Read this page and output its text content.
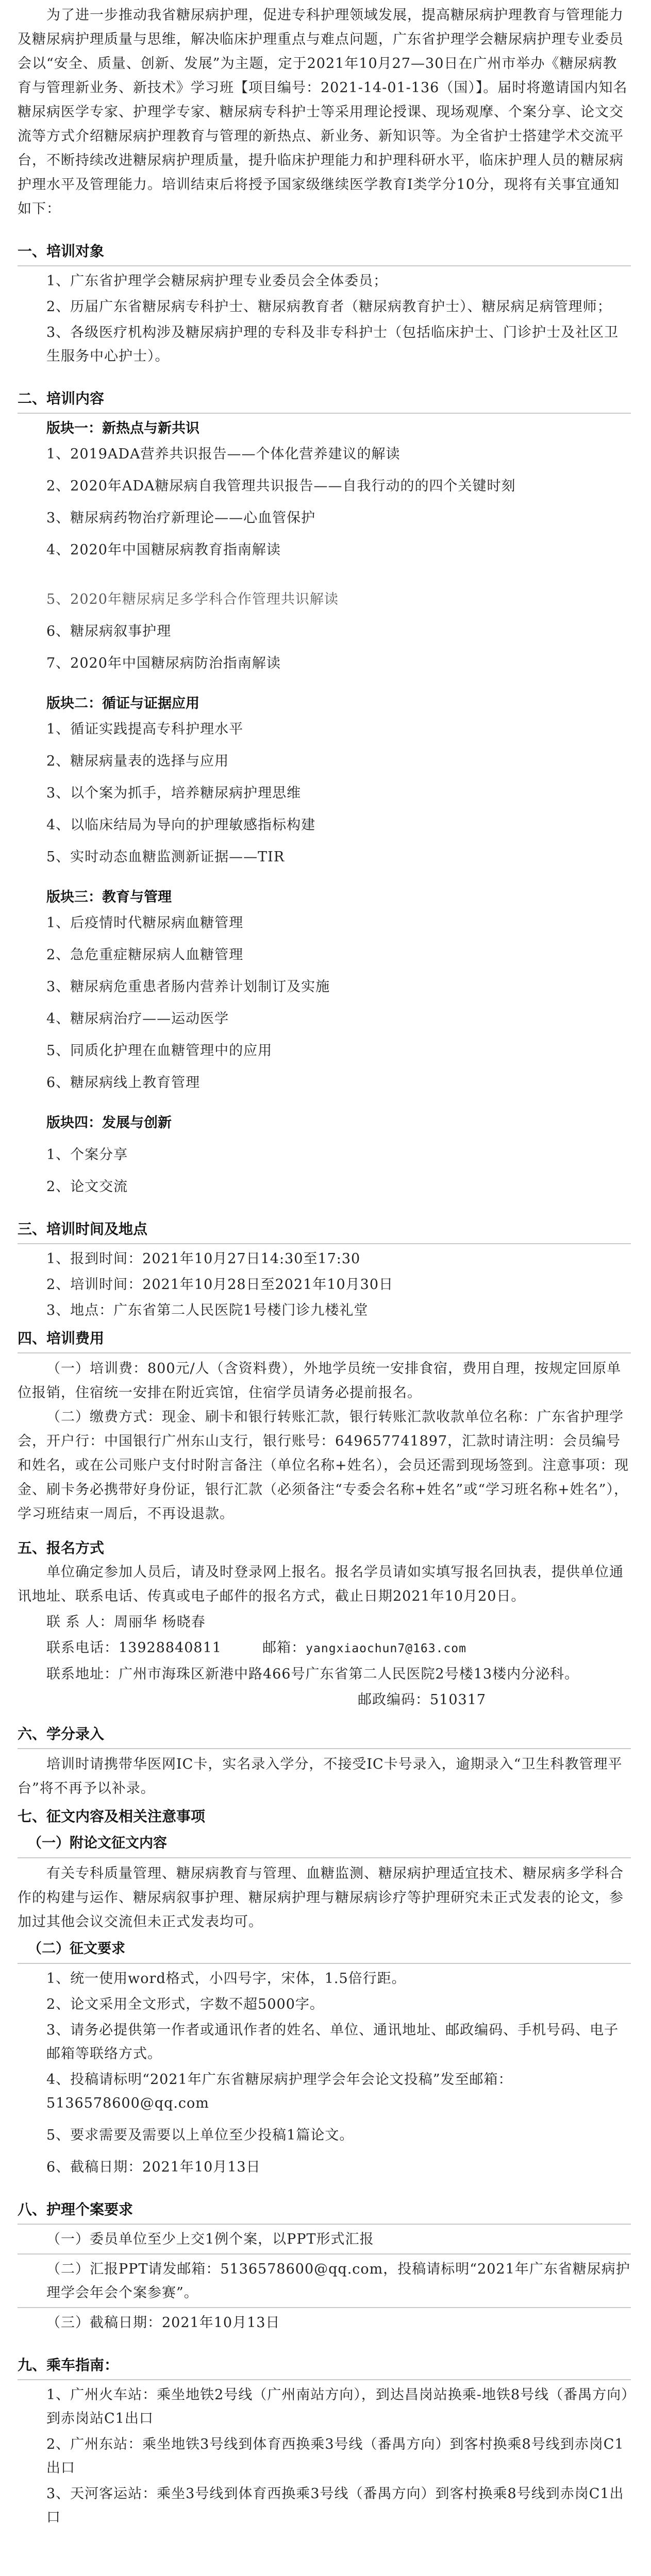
为了进一步推动我省糖尿病护理，促进专科护理领域发展，提高糖尿病护理教育与管理能力及糖尿病护理质量与思维，解决临床护理重点与难点问题，广东省护理学会糖尿病护理专业委员会以“安全、质量、创新、发展”为主题，定于2021年10月27—30日在广州市举办《糖尿病教育与管理新业务、新技术》学习班【项目编号：2021-14-01-136（国）】。届时将邀请国内知名糖尿病医学专家、护理学专家、糖尿病专科护士等采用理论授课、现场观摩、个案分享、论文交流等方式介绍糖尿病护理教育与管理的新热点、新业务、新知识等。为全省护士搭建学术交流平台，不断持续改进糖尿病护理质量，提升临床护理能力和护理科研水平，临床护理人员的糖尿病护理水平及管理能力。培训结束后将授予国家级继续医学教育Ⅰ类学分10分，现将有关事宜通知如下：

一、培训对象
1、广东省护理学会糖尿病护理专业委员会全体委员；
2、历届广东省糖尿病专科护士、糖尿病教育者（糖尿病教育护士）、糖尿病足病管理师；
3、各级医疗机构涉及糖尿病护理的专科及非专科护士（包括临床护士、门诊护士及社区卫生服务中心护士）。
二、培训内容
版块一：新热点与新共识
1、2019ADA营养共识报告——个体化营养建议的解读
2、2020年ADA糖尿病自我管理共识报告——自我行动的的四个关键时刻
3、糖尿病药物治疗新理论——心血管保护
4、2020年中国糖尿病教育指南解读
5、2020年糖尿病足多学科合作管理共识解读
6、糖尿病叙事护理
7、2020年中国糖尿病防治指南解读
版块二：循证与证据应用
1、循证实践提高专科护理水平
2、糖尿病量表的选择与应用
3、以个案为抓手，培养糖尿病护理思维
4、以临床结局为导向的护理敏感指标构建
5、实时动态血糖监测新证据——TIR
版块三：教育与管理
1、后疫情时代糖尿病血糖管理
2、急危重症糖尿病人血糖管理
3、糖尿病危重患者肠内营养计划制订及实施
4、糖尿病治疗——运动医学
5、同质化护理在血糖管理中的应用
6、糖尿病线上教育管理
版块四：发展与创新
1、个案分享
2、论文交流
三、培训时间及地点
1、报到时间：2021年10月27日14:30至17:30
2、培训时间：2021年10月28日至2021年10月30日
3、地点：广东省第二人民医院1号楼门诊九楼礼堂
四、培训费用

（一）培训费：800元/人（含资料费），外地学员统一安排食宿，费用自理，按规定回原单位报销，住宿统一安排在附近宾馆，住宿学员请务必提前报名。

（二）缴费方式：现金、刷卡和银行转账汇款，银行转账汇款收款单位名称：广东省护理学会，开户行：中国银行广州东山支行，银行账号：649657741897，汇款时请注明：会员编号和姓名，或在公司账户支付时附言备注（单位名称+姓名），会员还需到现场签到。注意事项：现金、刷卡务必携带好身份证，银行汇款（必须备注“专委会名称+姓名”或“学习班名称+姓名”），学习班结束一周后，不再设退款。

五、报名方式

单位确定参加人员后，请及时登录网上报名。报名学员请如实填写报名回执表，提供单位通讯地址、联系电话、传真或电子邮件的报名方式，截止日期2021年10月20日。

联 系 人：周丽华 杨晓春
联系电话：13928840811	邮箱：yangxiaochun7@163.com
联系地址：广州市海珠区新港中路466号广东省第二人民医院2号楼13楼内分泌科。
邮政编码：510317
六、学分录入

培训时请携带华医网IC卡，实名录入学分，不接受IC卡号录入，逾期录入“卫生科教管理平台”将不再予以补录。

七、征文内容及相关注意事项
（一）附论文征文内容

有关专科质量管理、糖尿病教育与管理、血糖监测、糖尿病护理适宜技术、糖尿病多学科合作的构建与运作、糖尿病叙事护理、糖尿病护理与糖尿病诊疗等护理研究未正式发表的论文，参加过其他会议交流但未正式发表均可。

（二）征文要求
1、统一使用word格式，小四号字，宋体，1.5倍行距。
2、论文采用全文形式，字数不超5000字。
3、请务必提供第一作者或通讯作者的姓名、单位、通讯地址、邮政编码、手机号码、电子邮箱等联络方式。
4、投稿请标明“2021年广东省糖尿病护理学会年会论文投稿”发至邮箱：5136578600@qq.com
5、要求需要及需要以上单位至少投稿1篇论文。
6、截稿日期：2021年10月13日
八、护理个案要求
（一）委员单位至少上交1例个案，以PPT形式汇报
（二）汇报PPT请发邮箱：5136578600@qq.com，投稿请标明“2021年广东省糖尿病护理学会年会个案参赛”。
（三）截稿日期：2021年10月13日
九、乘车指南：
1、广州火车站：乘坐地铁2号线（广州南站方向），到达昌岗站换乘-地铁8号线（番禺方向）到赤岗站C1出口
2、广州东站：乘坐地铁3号线到体育西换乘3号线（番禺方向）到客村换乘8号线到赤岗C1出口
3、天河客运站：乘坐3号线到体育西换乘3号线（番禺方向）到客村换乘8号线到赤岗C1出口
